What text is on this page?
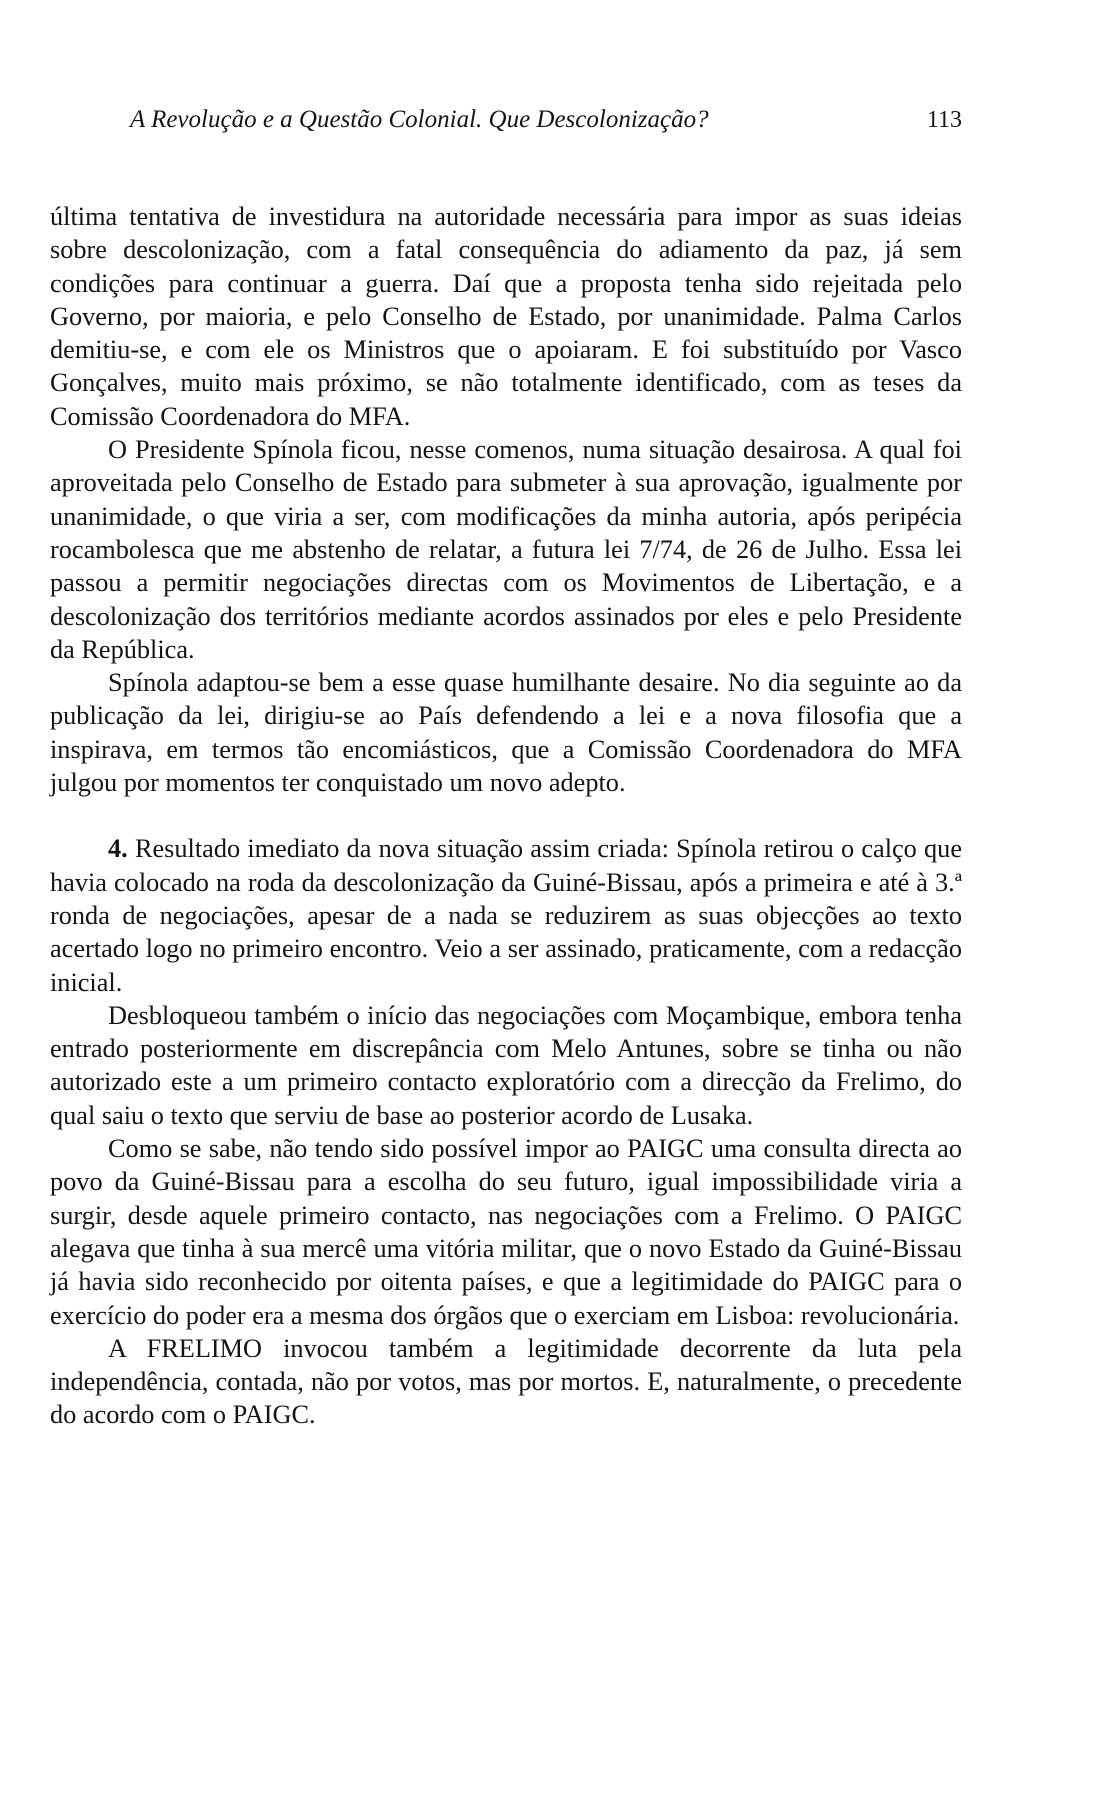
A Revolução e a Questão Colonial. Que Descolonização?	113

última tentativa de investidura na autoridade necessária para impor as suas ideias sobre descolonização, com a fatal consequência do adiamento da paz, já sem condições para continuar a guerra. Daí que a proposta tenha sido rejeitada pelo Governo, por maioria, e pelo Conselho de Estado, por unanimidade. Palma Carlos demitiu-se, e com ele os Ministros que o apoiaram. E foi substituído por Vasco Gonçalves, muito mais próximo, se não totalmente identificado, com as teses da Comissão Coordenadora do MFA.

O Presidente Spínola ficou, nesse comenos, numa situação desairosa. A qual foi aproveitada pelo Conselho de Estado para submeter à sua aprovação, igualmente por unanimidade, o que viria a ser, com modificações da minha autoria, após peripécia rocambolesca que me abstenho de relatar, a futura lei 7/74, de 26 de Julho. Essa lei passou a permitir negociações directas com os Movimentos de Libertação, e a descolonização dos territórios mediante acordos assinados por eles e pelo Presidente da República.

Spínola adaptou-se bem a esse quase humilhante desaire. No dia seguinte ao da publicação da lei, dirigiu-se ao País defendendo a lei e a nova filosofia que a inspirava, em termos tão encomiásticos, que a Comissão Coordenadora do MFA julgou por momentos ter conquistado um novo adepto.

4. Resultado imediato da nova situação assim criada: Spínola retirou o calço que havia colocado na roda da descolonização da Guiné-Bissau, após a primeira e até à 3.ª ronda de negociações, apesar de a nada se reduzirem as suas objecções ao texto acertado logo no primeiro encontro. Veio a ser assinado, praticamente, com a redacção inicial.

Desbloqueou também o início das negociações com Moçambique, embora tenha entrado posteriormente em discrepância com Melo Antunes, sobre se tinha ou não autorizado este a um primeiro contacto exploratório com a direcção da Frelimo, do qual saiu o texto que serviu de base ao posterior acordo de Lusaka.

Como se sabe, não tendo sido possível impor ao PAIGC uma consulta directa ao povo da Guiné-Bissau para a escolha do seu futuro, igual impossibilidade viria a surgir, desde aquele primeiro contacto, nas negociações com a Frelimo. O PAIGC alegava que tinha à sua mercê uma vitória militar, que o novo Estado da Guiné-Bissau já havia sido reconhecido por oitenta países, e que a legitimidade do PAIGC para o exercício do poder era a mesma dos órgãos que o exerciam em Lisboa: revolucionária.

A FRELIMO invocou também a legitimidade decorrente da luta pela independência, contada, não por votos, mas por mortos. E, naturalmente, o precedente do acordo com o PAIGC.
